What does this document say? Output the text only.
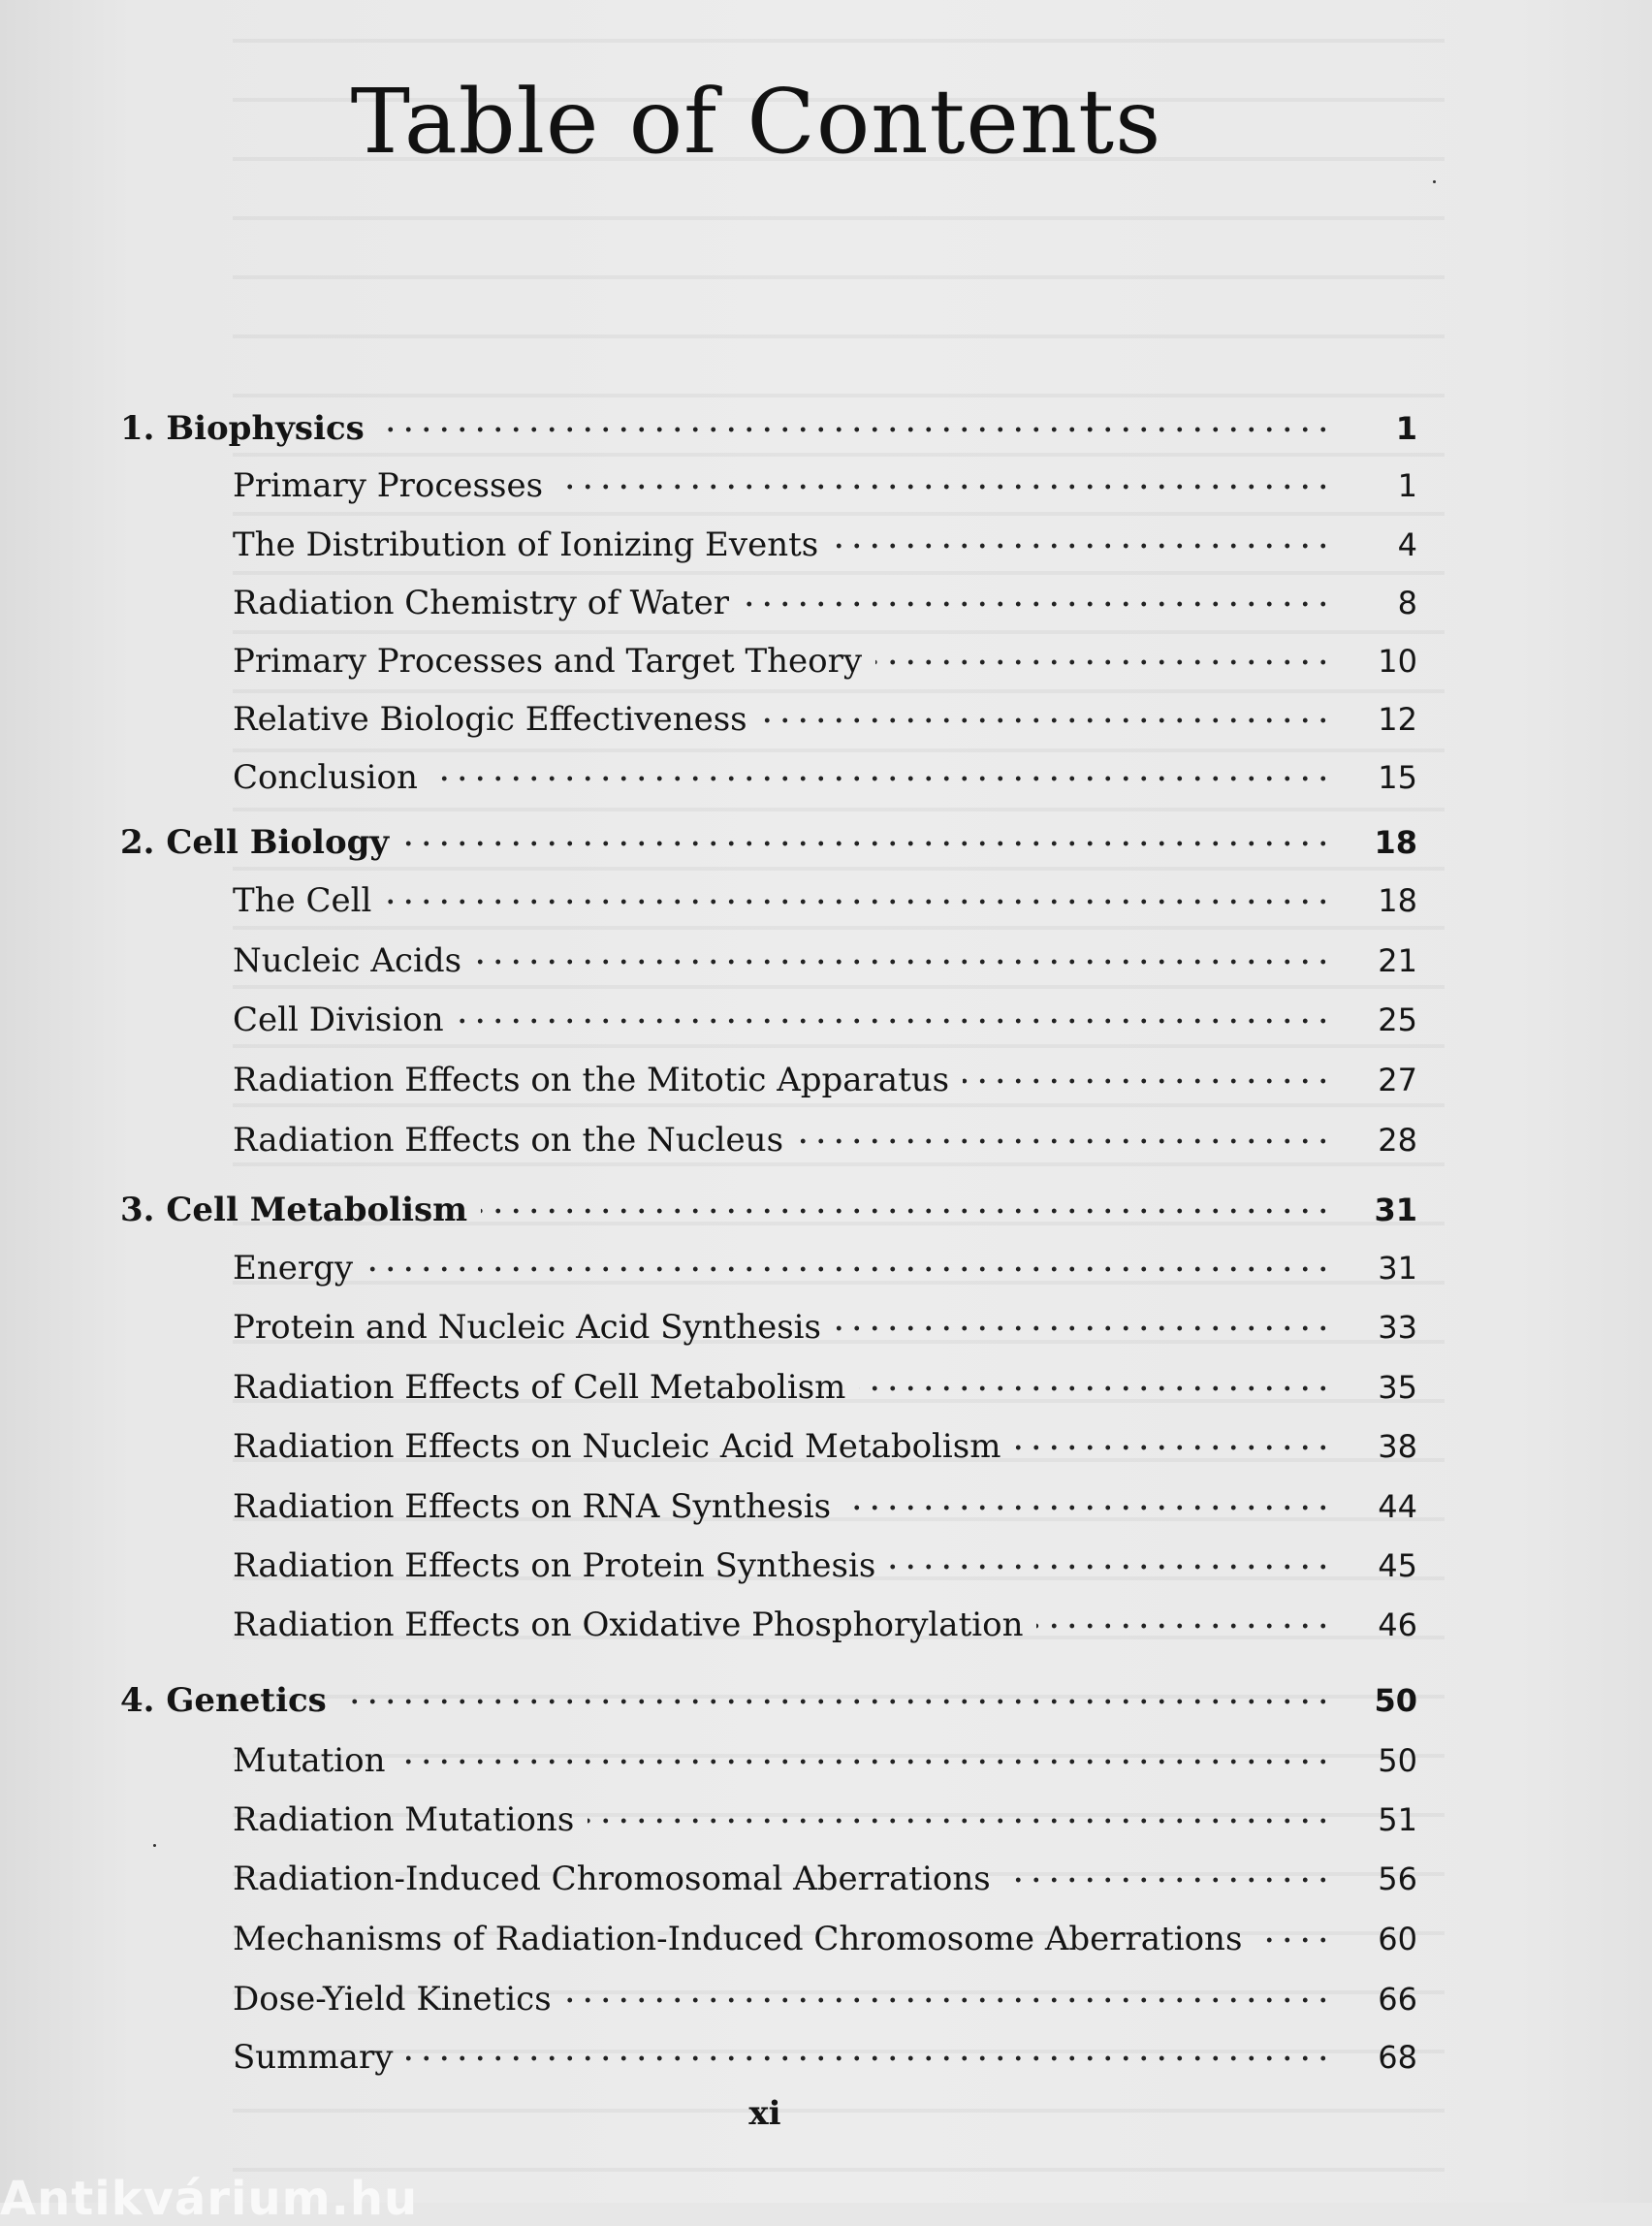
Table of Contents
1. Biophysics	1
Primary Processes	1
The Distribution of Ionizing Events	4
Radiation Chemistry of Water	8
Primary Processes and Target Theory	10
Relative Biologic Effectiveness	12
Conclusion	15
2. Cell Biology	18
The Cell	18
Nucleic Acids	21
Cell Division	25
Radiation Effects on the Mitotic Apparatus	27
Radiation Effects on the Nucleus	28
3. Cell Metabolism	31
Energy	31
Protein and Nucleic Acid Synthesis	33
Radiation Effects of Cell Metabolism	35
Radiation Effects on Nucleic Acid Metabolism	38
Radiation Effects on RNA Synthesis	44
Radiation Effects on Protein Synthesis	45
Radiation Effects on Oxidative Phosphorylation	46
4. Genetics	50
Mutation	50
Radiation Mutations	51
Radiation-Induced Chromosomal Aberrations	56
Mechanisms of Radiation-Induced Chromosome Aberrations	60
Dose-Yield Kinetics	66
Summary	68
xi
Antikvárium.hu
